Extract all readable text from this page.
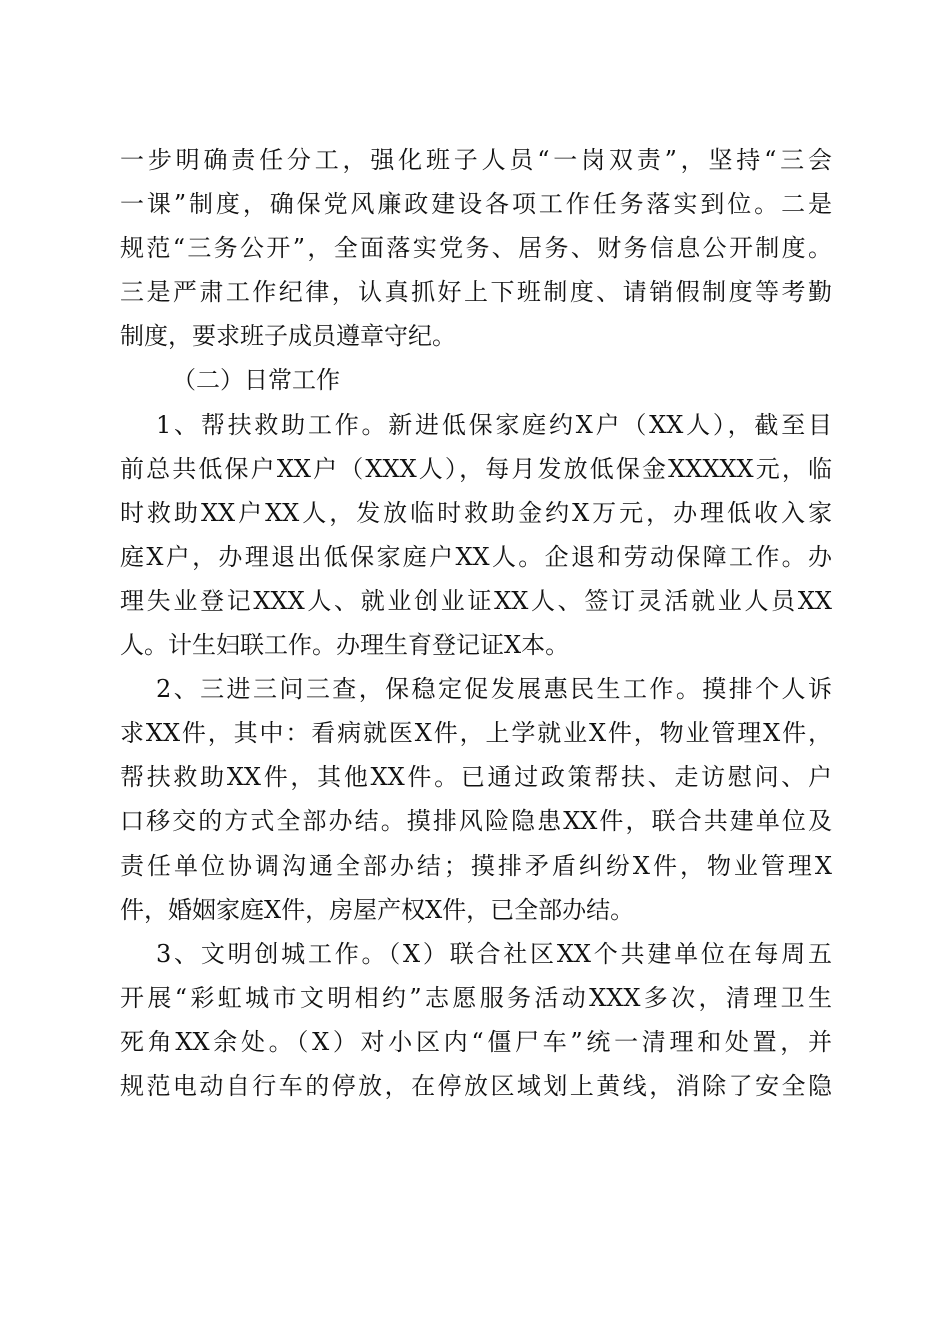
一步明确责任分工，强化班子人员“一岗双责”，坚持“三会
一课”制度，确保党风廉政建设各项工作任务落实到位。二是
规范“三务公开”，全面落实党务、居务、财务信息公开制度。
三是严肃工作纪律，认真抓好上下班制度、请销假制度等考勤
制度，要求班子成员遵章守纪。
（二）日常工作
1、帮扶救助工作。新进低保家庭约X户（XX人），截至目
前总共低保户XX户（XXX人），每月发放低保金XXXXX元，临
时救助XX户XX人，发放临时救助金约X万元，办理低收入家
庭X户，办理退出低保家庭户XX人。企退和劳动保障工作。办
理失业登记XXX人、就业创业证XX人、签订灵活就业人员XX
人。计生妇联工作。办理生育登记证X本。
2、三进三问三查，保稳定促发展惠民生工作。摸排个人诉
求XX件，其中：看病就医X件，上学就业X件，物业管理X件，
帮扶救助XX件，其他XX件。已通过政策帮扶、走访慰问、户
口移交的方式全部办结。摸排风险隐患XX件，联合共建单位及
责任单位协调沟通全部办结；摸排矛盾纠纷X件，物业管理X
件，婚姻家庭X件，房屋产权X件，已全部办结。
3、文明创城工作。（X）联合社区XX个共建单位在每周五
开展“彩虹城市文明相约”志愿服务活动XXX多次，清理卫生
死角XX余处。（X）对小区内“僵尸车”统一清理和处置，并
规范电动自行车的停放，在停放区域划上黄线，消除了安全隐
